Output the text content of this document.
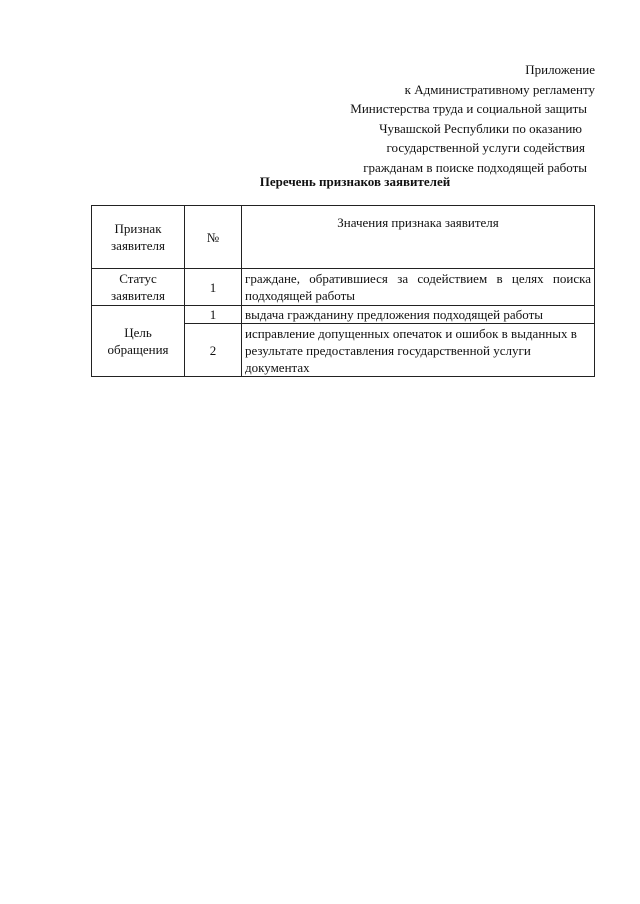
Приложение
к Административному регламенту
Министерства труда и социальной защиты
Чувашской Республики по оказанию
государственной услуги содействия
гражданам в поиске подходящей работы
Перечень признаков заявителей
Признак заявителя	№	Значения признака заявителя
Статус заявителя	1	граждане, обратившиеся за содействием в целях поиска подходящей работы
Цель обращения	1	выдача гражданину предложения подходящей работы
	2	исправление допущенных опечаток и ошибок в выданных в результате предоставления государственной услуги документах
